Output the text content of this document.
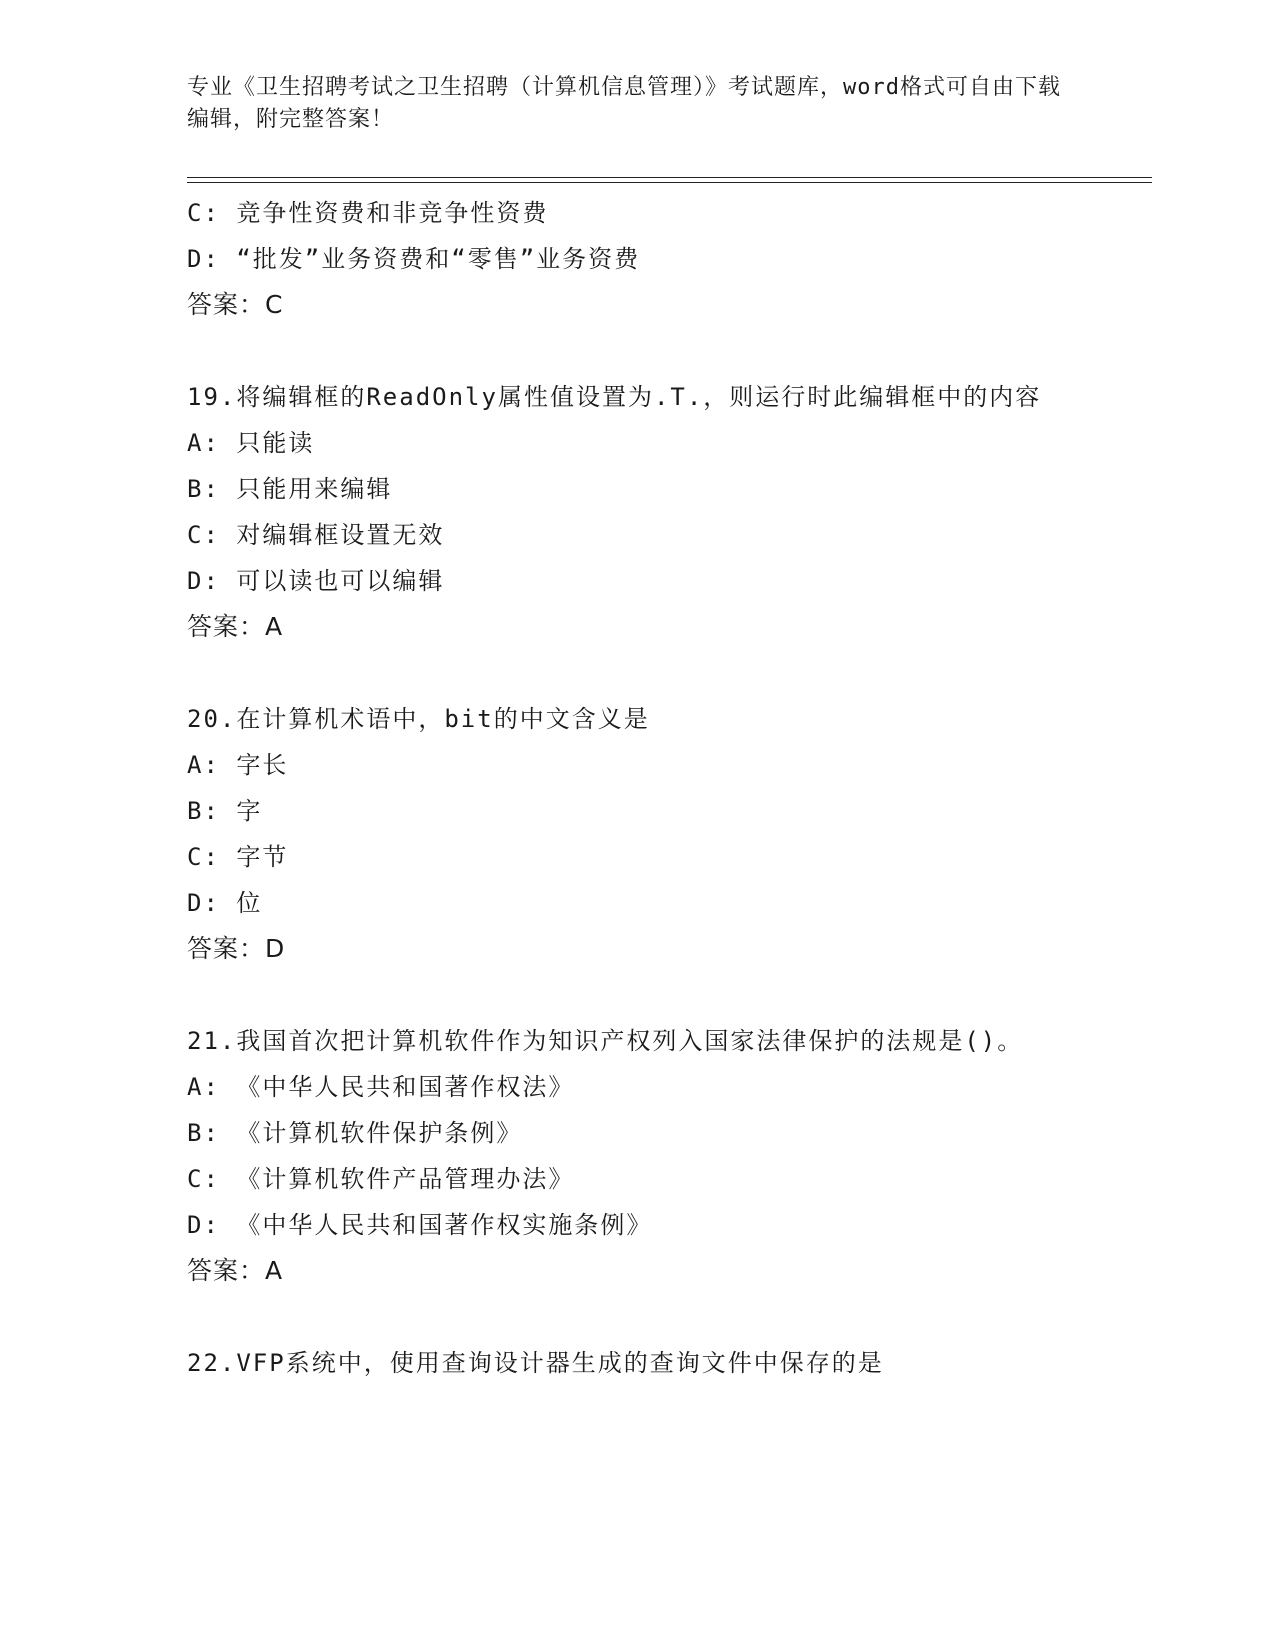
专业《卫生招聘考试之卫生招聘（计算机信息管理）》考试题库，word格式可自由下载编辑，附完整答案！
C: 竞争性资费和非竞争性资费
D: “批发”业务资费和“零售”业务资费
答案：C
19.将编辑框的ReadOnly属性值设置为.T.，则运行时此编辑框中的内容
A: 只能读
B: 只能用来编辑
C: 对编辑框设置无效
D: 可以读也可以编辑
答案：A
20.在计算机术语中，bit的中文含义是
A: 字长
B: 字
C: 字节
D: 位
答案：D
21.我国首次把计算机软件作为知识产权列入国家法律保护的法规是()。
A: 《中华人民共和国著作权法》
B: 《计算机软件保护条例》
C: 《计算机软件产品管理办法》
D: 《中华人民共和国著作权实施条例》
答案：A
22.VFP系统中，使用查询设计器生成的查询文件中保存的是
